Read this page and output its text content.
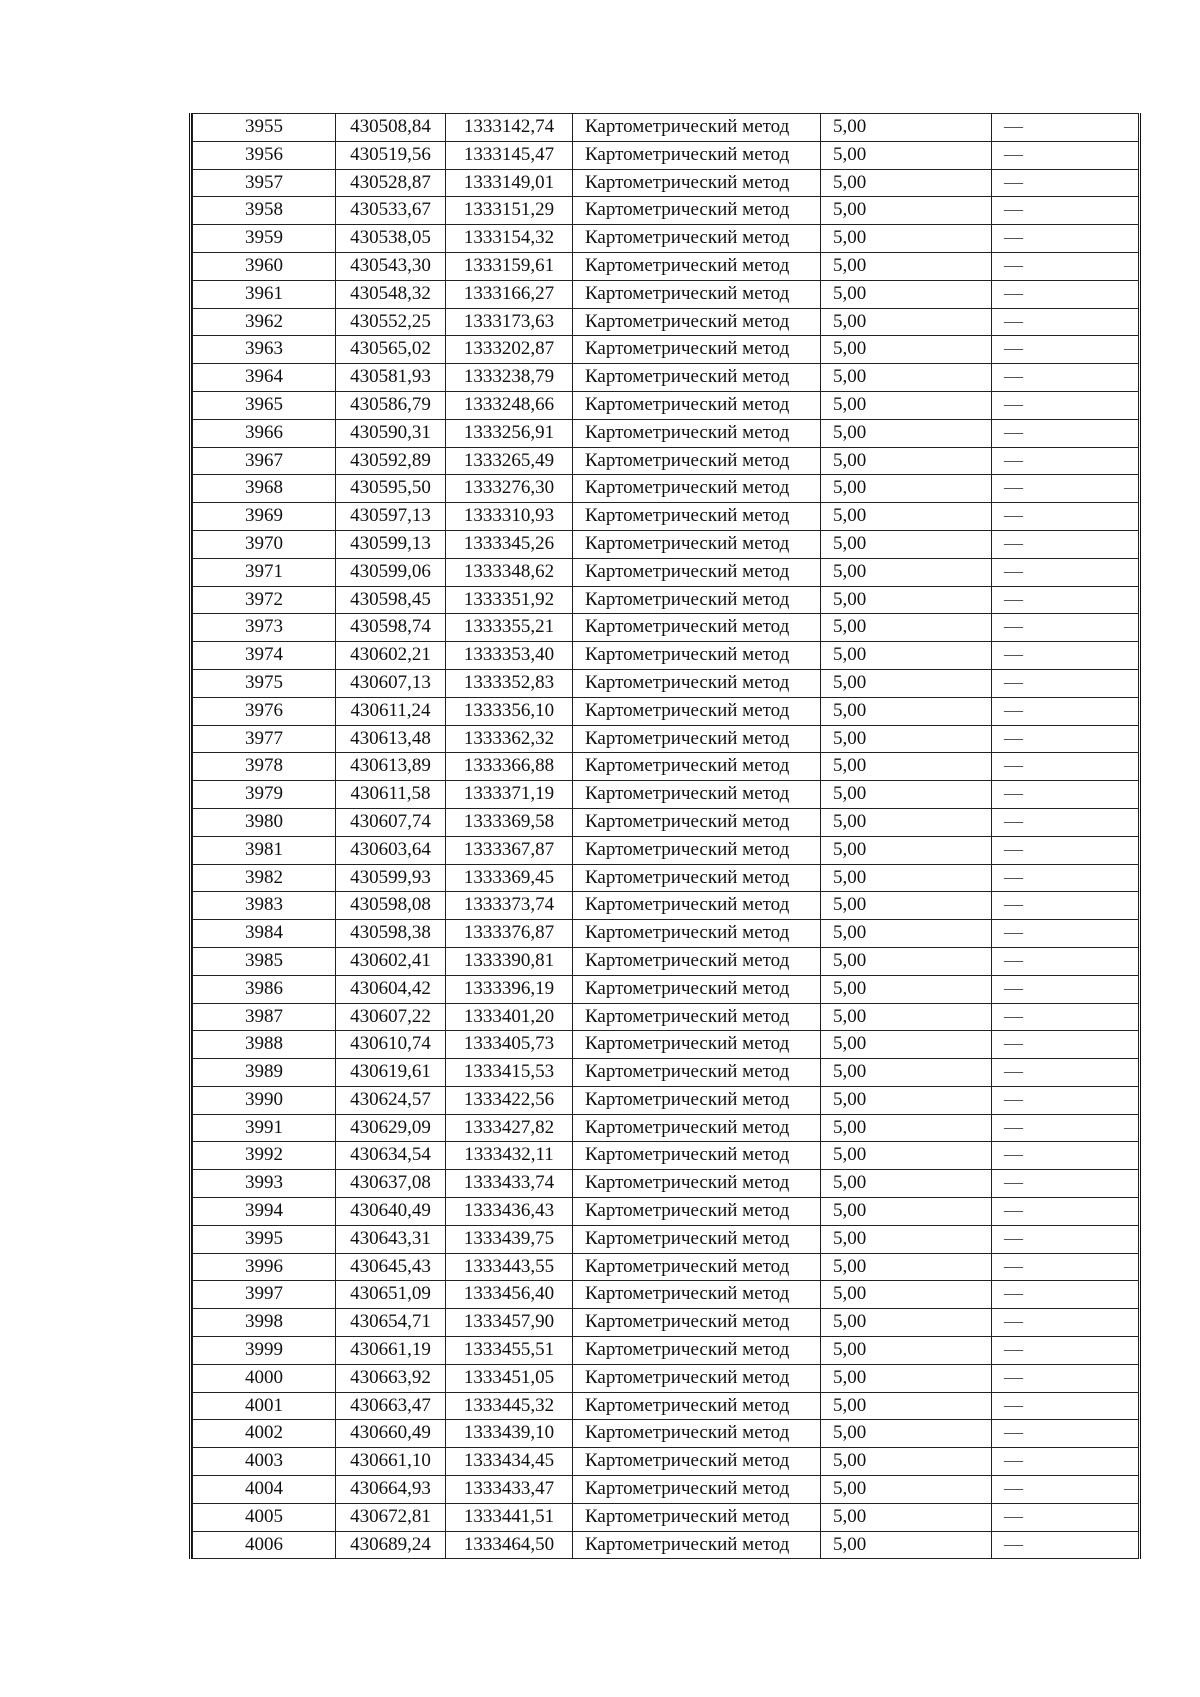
3955	430508,84	1333142,74	Картометрический метод	5,00	—
3956	430519,56	1333145,47	Картометрический метод	5,00	—
3957	430528,87	1333149,01	Картометрический метод	5,00	—
3958	430533,67	1333151,29	Картометрический метод	5,00	—
3959	430538,05	1333154,32	Картометрический метод	5,00	—
3960	430543,30	1333159,61	Картометрический метод	5,00	—
3961	430548,32	1333166,27	Картометрический метод	5,00	—
3962	430552,25	1333173,63	Картометрический метод	5,00	—
3963	430565,02	1333202,87	Картометрический метод	5,00	—
3964	430581,93	1333238,79	Картометрический метод	5,00	—
3965	430586,79	1333248,66	Картометрический метод	5,00	—
3966	430590,31	1333256,91	Картометрический метод	5,00	—
3967	430592,89	1333265,49	Картометрический метод	5,00	—
3968	430595,50	1333276,30	Картометрический метод	5,00	—
3969	430597,13	1333310,93	Картометрический метод	5,00	—
3970	430599,13	1333345,26	Картометрический метод	5,00	—
3971	430599,06	1333348,62	Картометрический метод	5,00	—
3972	430598,45	1333351,92	Картометрический метод	5,00	—
3973	430598,74	1333355,21	Картометрический метод	5,00	—
3974	430602,21	1333353,40	Картометрический метод	5,00	—
3975	430607,13	1333352,83	Картометрический метод	5,00	—
3976	430611,24	1333356,10	Картометрический метод	5,00	—
3977	430613,48	1333362,32	Картометрический метод	5,00	—
3978	430613,89	1333366,88	Картометрический метод	5,00	—
3979	430611,58	1333371,19	Картометрический метод	5,00	—
3980	430607,74	1333369,58	Картометрический метод	5,00	—
3981	430603,64	1333367,87	Картометрический метод	5,00	—
3982	430599,93	1333369,45	Картометрический метод	5,00	—
3983	430598,08	1333373,74	Картометрический метод	5,00	—
3984	430598,38	1333376,87	Картометрический метод	5,00	—
3985	430602,41	1333390,81	Картометрический метод	5,00	—
3986	430604,42	1333396,19	Картометрический метод	5,00	—
3987	430607,22	1333401,20	Картометрический метод	5,00	—
3988	430610,74	1333405,73	Картометрический метод	5,00	—
3989	430619,61	1333415,53	Картометрический метод	5,00	—
3990	430624,57	1333422,56	Картометрический метод	5,00	—
3991	430629,09	1333427,82	Картометрический метод	5,00	—
3992	430634,54	1333432,11	Картометрический метод	5,00	—
3993	430637,08	1333433,74	Картометрический метод	5,00	—
3994	430640,49	1333436,43	Картометрический метод	5,00	—
3995	430643,31	1333439,75	Картометрический метод	5,00	—
3996	430645,43	1333443,55	Картометрический метод	5,00	—
3997	430651,09	1333456,40	Картометрический метод	5,00	—
3998	430654,71	1333457,90	Картометрический метод	5,00	—
3999	430661,19	1333455,51	Картометрический метод	5,00	—
4000	430663,92	1333451,05	Картометрический метод	5,00	—
4001	430663,47	1333445,32	Картометрический метод	5,00	—
4002	430660,49	1333439,10	Картометрический метод	5,00	—
4003	430661,10	1333434,45	Картометрический метод	5,00	—
4004	430664,93	1333433,47	Картометрический метод	5,00	—
4005	430672,81	1333441,51	Картометрический метод	5,00	—
4006	430689,24	1333464,50	Картометрический метод	5,00	—
